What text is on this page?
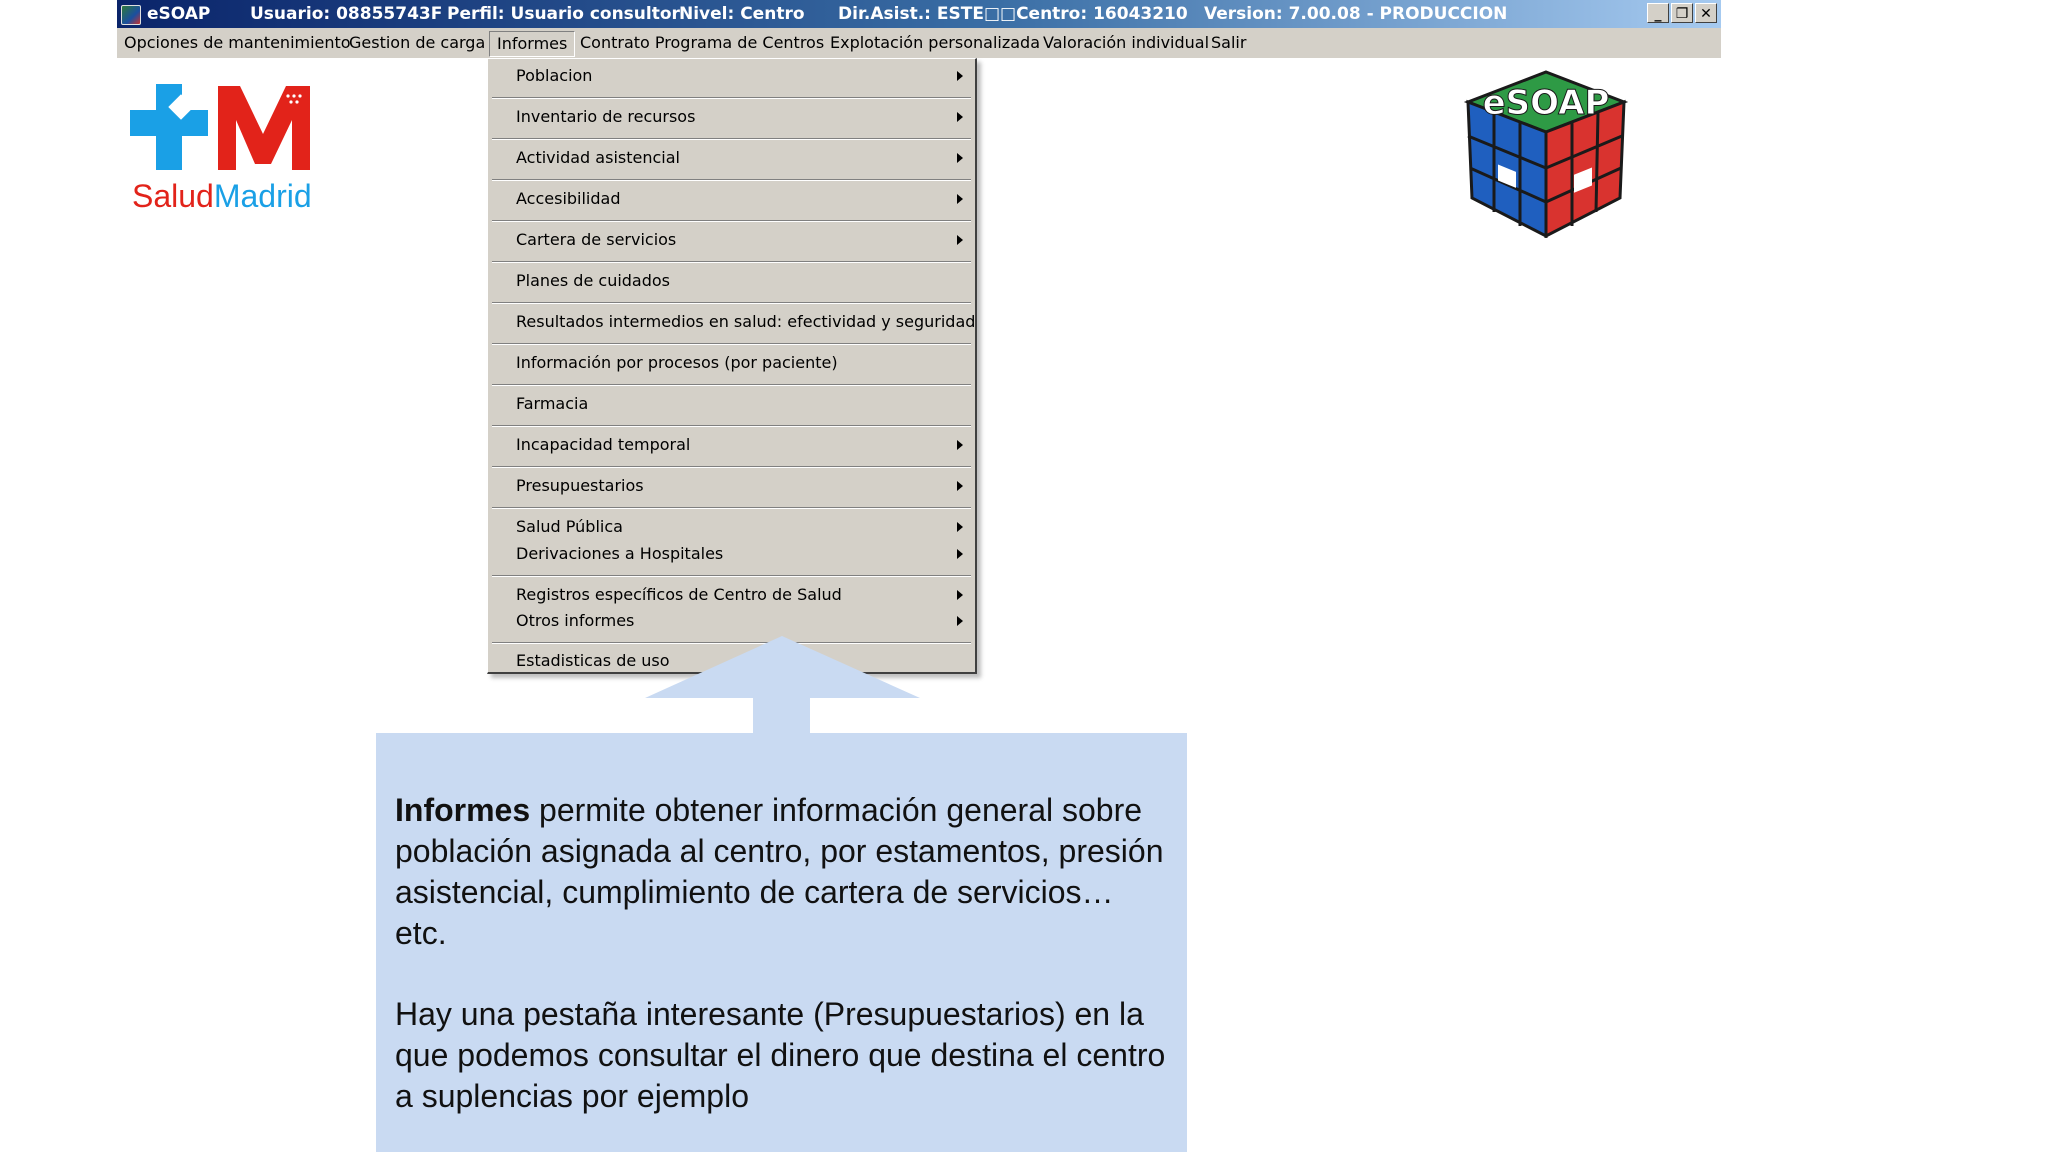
eSOAP Usuario: 08855743F Perfil: Usuario consultor Nivel: Centro Dir.Asist.: ESTE□□Centro: 16043210 Version: 7.00.08 - PRODUCCION	_	❐ ✕
Opciones de mantenimiento
Gestion de carga Informes Contrato Programa de Centros Explotación personalizada Valoración individual Salir
SaludMadrid
eSOAP
Poblacion
Inventario de recursos
Actividad asistencial
Accesibilidad
Cartera de servicios
Planes de cuidados
Resultados intermedios en salud: efectividad y seguridad
Información por procesos (por paciente)
Farmacia
Incapacidad temporal
Presupuestarios
Salud Pública
Derivaciones a Hospitales
Registros específicos de Centro de Salud
Otros informes
Estadisticas de uso

Informes permite obtener información general sobre población asignada al centro, por estamentos, presión asistencial, cumplimiento de cartera de servicios… etc.

Hay una pestaña interesante (Presupuestarios) en la que podemos consultar el dinero que destina el centro a suplencias por ejemplo
